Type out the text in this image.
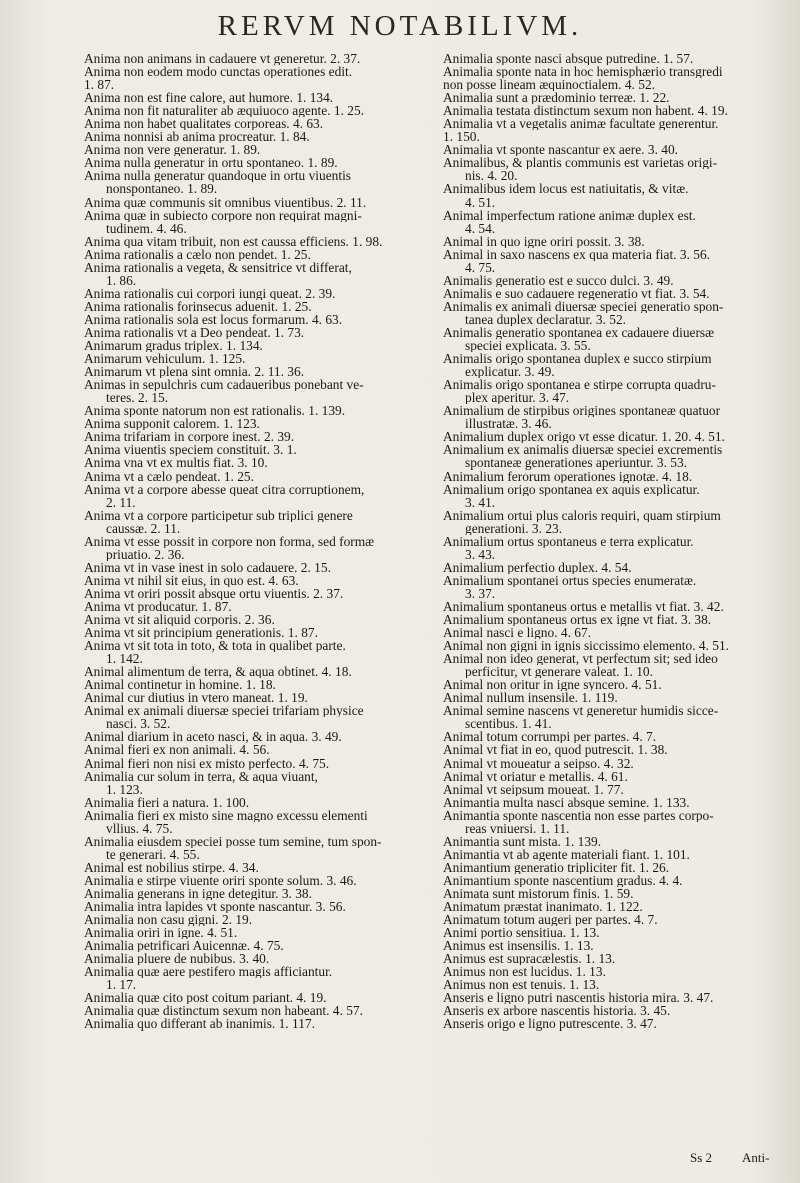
RERVM NOTABILIVM.
Anima non animans in cadauere vt generetur. 2. 37.
Anima non eodem modo cunctas operationes edit.
1. 87.
Anima non est fine calore, aut humore. 1. 134.
Anima non fit naturaliter ab æquiuoco agente. 1. 25.
Anima non habet qualitates corporeas. 4. 63.
Anima nonnisi ab anima procreatur. 1. 84.
Anima non vere generatur. 1. 89.
Anima nulla generatur in ortu spontaneo. 1. 89.
Anima nulla generatur quandoque in ortu viuentis
nonspontaneo. 1. 89.
Anima quæ communis sit omnibus viuentibus. 2. 11.
Anima quæ in subiecto corpore non requirat magni-
tudinem. 4. 46.
Anima qua vitam tribuit, non est caussa efficiens. 1. 98.
Anima rationalis a cælo non pendet. 1. 25.
Anima rationalis a vegeta, & sensitrice vt differat,
1. 86.
Anima rationalis cui corpori iungi queat. 2. 39.
Anima rationalis forinsecus aduenit. 1. 25.
Anima rationalis sola est locus formarum. 4. 63.
Anima rationalis vt a Deo pendeat. 1. 73.
Animarum gradus triplex. 1. 134.
Animarum vehiculum. 1. 125.
Animarum vt plena sint omnia. 2. 11. 36.
Animas in sepulchris cum cadaueribus ponebant ve-
teres. 2. 15.
Anima sponte natorum non est rationalis. 1. 139.
Anima supponit calorem. 1. 123.
Anima trifariam in corpore inest. 2. 39.
Anima viuentis speciem constituit. 3. 1.
Anima vna vt ex multis fiat. 3. 10.
Anima vt a cælo pendeat. 1. 25.
Anima vt a corpore abesse queat citra corruptionem,
2. 11.
Anima vt a corpore participetur sub triplici genere
caussæ. 2. 11.
Anima vt esse possit in corpore non forma, sed formæ
priuatio. 2. 36.
Anima vt in vase inest in solo cadauere. 2. 15.
Anima vt nihil sit eius, in quo est. 4. 63.
Anima vt oriri possit absque ortu viuentis. 2. 37.
Anima vt producatur. 1. 87.
Anima vt sit aliquid corporis. 2. 36.
Anima vt sit principium generationis. 1. 87.
Anima vt sit tota in toto, & tota in qualibet parte.
1. 142.
Animal alimentum de terra, & aqua obtinet. 4. 18.
Animal continetur in homine. 1. 18.
Animal cur diutius in vtero maneat. 1. 19.
Animal ex animali diuersæ speciei trifariam physice
nasci. 3. 52.
Animal diarium in aceto nasci, & in aqua. 3. 49.
Animal fieri ex non animali. 4. 56.
Animal fieri non nisi ex misto perfecto. 4. 75.
Animalia cur solum in terra, & aqua viuant,
1. 123.
Animalia fieri a natura. 1. 100.
Animalia fieri ex misto sine magno excessu elementi
vllius. 4. 75.
Animalia eiusdem speciei posse tum semine, tum spon-
te generari. 4. 55.
Animal est nobilius stirpe. 4. 34.
Animalia e stirpe viuente oriri sponte solum. 3. 46.
Animalia generans in igne detegitur. 3. 38.
Animalia intra lapides vt sponte nascantur. 3. 56.
Animalia non casu gigni. 2. 19.
Animalia oriri in igne. 4. 51.
Animalia petrificari Auicennæ. 4. 75.
Animalia pluere de nubibus. 3. 40.
Animalia quæ aere pestifero magis afficiantur.
1. 17.
Animalia quæ cito post coitum pariant. 4. 19.
Animalia quæ distinctum sexum non habeant. 4. 57.
Animalia quo differant ab inanimis. 1. 117.
Animalia sponte nasci absque putredine. 1. 57.
Animalia sponte nata in hoc hemisphærio transgredi
non posse lineam æquinoctialem. 4. 52.
Animalia sunt a prædominio terreæ. 1. 22.
Animalia testata distinctum sexum non habent. 4. 19.
Animalia vt a vegetalis animæ facultate generentur.
1. 150.
Animalia vt sponte nascantur ex aere. 3. 40.
Animalibus, & plantis communis est varietas origi-
nis. 4. 20.
Animalibus idem locus est natiuitatis, & vitæ.
4. 51.
Animal imperfectum ratione animæ duplex est.
4. 54.
Animal in quo igne oriri possit. 3. 38.
Animal in saxo nascens ex qua materia fiat. 3. 56.
4. 75.
Animalis generatio est e succo dulci. 3. 49.
Animalis e suo cadauere regeneratio vt fiat. 3. 54.
Animalis ex animali diuersæ speciei generatio spon-
tanea duplex declaratur. 3. 52.
Animalis generatio spontanea ex cadauere diuersæ
speciei explicata. 3. 55.
Animalis origo spontanea duplex e succo stirpium
explicatur. 3. 49.
Animalis origo spontanea e stirpe corrupta quadru-
plex aperitur. 3. 47.
Animalium de stirpibus origines spontaneæ quatuor
illustratæ. 3. 46.
Animalium duplex origo vt esse dicatur. 1. 20. 4. 51.
Animalium ex animalis diuersæ speciei excrementis
spontaneæ generationes aperiuntur. 3. 53.
Animalium ferorum operationes ignotæ. 4. 18.
Animalium origo spontanea ex aquis explicatur.
3. 41.
Animalium ortui plus caloris requiri, quam stirpium
generationi. 3. 23.
Animalium ortus spontaneus e terra explicatur.
3. 43.
Animalium perfectio duplex. 4. 54.
Animalium spontanei ortus species enumeratæ.
3. 37.
Animalium spontaneus ortus e metallis vt fiat. 3. 42.
Animalium spontaneus ortus ex igne vt fiat. 3. 38.
Animal nasci e ligno. 4. 67.
Animal non gigni in ignis siccissimo elemento. 4. 51.
Animal non ideo generat, vt perfectum sit; sed ideo
perficitur, vt generare valeat. 1. 10.
Animal non oritur in igne syncero. 4. 51.
Animal nullum insensile. 1. 119.
Animal semine nascens vt generetur humidis sicce-
scentibus. 1. 41.
Animal totum corrumpi per partes. 4. 7.
Animal vt fiat in eo, quod putrescit. 1. 38.
Animal vt moueatur a seipso. 4. 32.
Animal vt oriatur e metallis. 4. 61.
Animal vt seipsum moueat. 1. 77.
Animantia multa nasci absque semine. 1. 133.
Animantia sponte nascentia non esse partes corpo-
reas vniuersi. 1. 11.
Animantia sunt mista. 1. 139.
Animantia vt ab agente materiali fiant. 1. 101.
Animantium generatio tripliciter fit. 1. 26.
Animantium sponte nascentium gradus. 4. 4.
Animata sunt mistorum finis. 1. 59.
Animatum præstat inanimato. 1. 122.
Animatum totum augeri per partes. 4. 7.
Animi portio sensitiua. 1. 13.
Animus est insensilis. 1. 13.
Animus est supracælestis. 1. 13.
Animus non est lucidus. 1. 13.
Animus non est tenuis. 1. 13.
Anseris e ligno putri nascentis historia mira. 3. 47.
Anseris ex arbore nascentis historia. 3. 45.
Anseris origo e ligno putrescente. 3. 47.
Ss 2 Anti-
